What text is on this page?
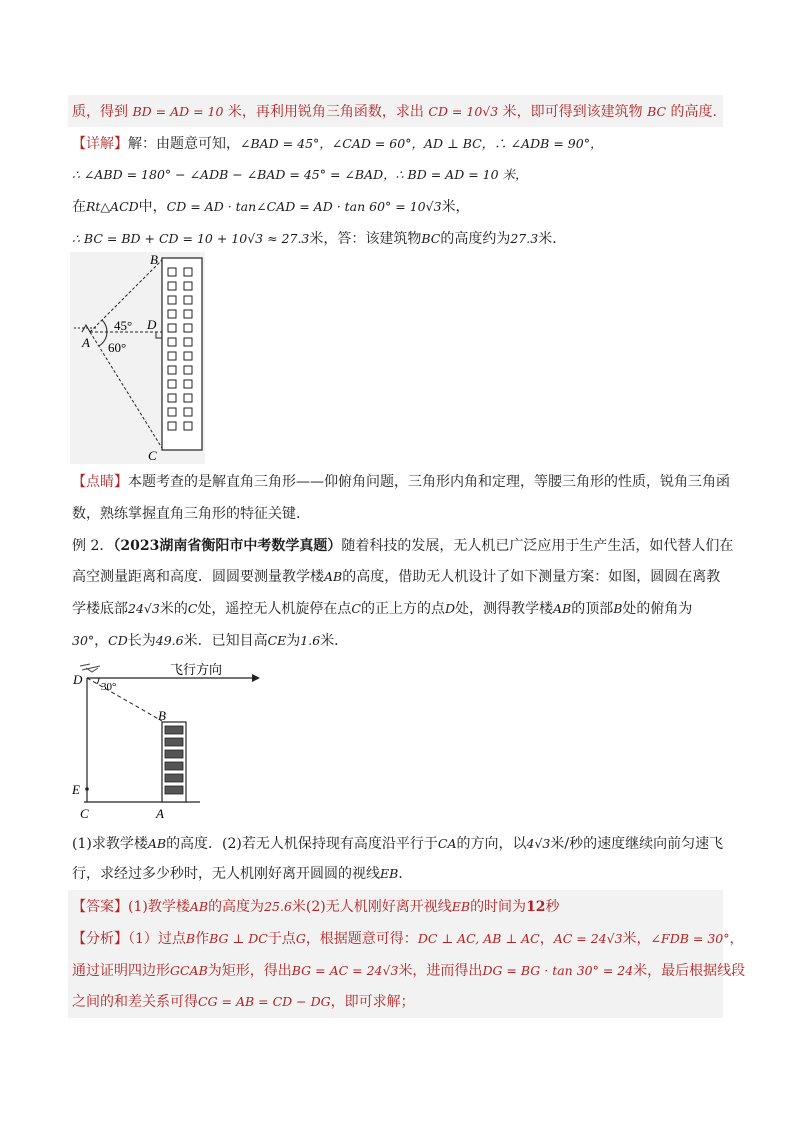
质，得到 BD = AD = 10 米，再利用锐角三角函数，求出 CD = 10√3 米，即可得到该建筑物 BC 的高度.
【详解】解：由题意可知，∠BAD = 45°，∠CAD = 60°，AD ⊥ BC，∴ ∠ADB = 90°，
∴ ∠ABD = 180° − ∠ADB − ∠BAD = 45° = ∠BAD，∴ BD = AD = 10 米，
在Rt△ACD中，CD = AD · tan∠CAD = AD · tan 60° = 10√3米，
∴ BC = BD + CD = 10 + 10√3 ≈ 27.3米，答：该建筑物BC的高度约为27.3米.
B
D
A
C
45°
60°
【点睛】本题考查的是解直角三角形——仰俯角问题，三角形内角和定理，等腰三角形的性质，锐角三角函
数，熟练掌握直角三角形的特征关键.
例 2．（2023湖南省衡阳市中考数学真题）随着科技的发展，无人机已广泛应用于生产生活，如代替人们在
高空测量距离和高度．圆圆要测量教学楼AB的高度，借助无人机设计了如下测量方案：如图，圆圆在离教
学楼底部24√3米的C处，遥控无人机旋停在点C的正上方的点D处，测得教学楼AB的顶部B处的俯角为
30°，CD长为49.6米．已知目高CE为1.6米．
飞行方向
D 30°
B
E
C	A
(1)求教学楼AB的高度．(2)若无人机保持现有高度沿平行于CA的方向，以4√3米/秒的速度继续向前匀速飞
行，求经过多少秒时，无人机刚好离开圆圆的视线EB．
【答案】(1)教学楼AB的高度为25.6米(2)无人机刚好离开视线EB的时间为12秒
【分析】（1）过点B作BG ⊥ DC于点G，根据题意可得：DC ⊥ AC, AB ⊥ AC，AC = 24√3米，∠FDB = 30°，
通过证明四边形GCAB为矩形，得出BG = AC = 24√3米，进而得出DG = BG · tan 30° = 24米，最后根据线段
之间的和差关系可得CG = AB = CD − DG，即可求解；
